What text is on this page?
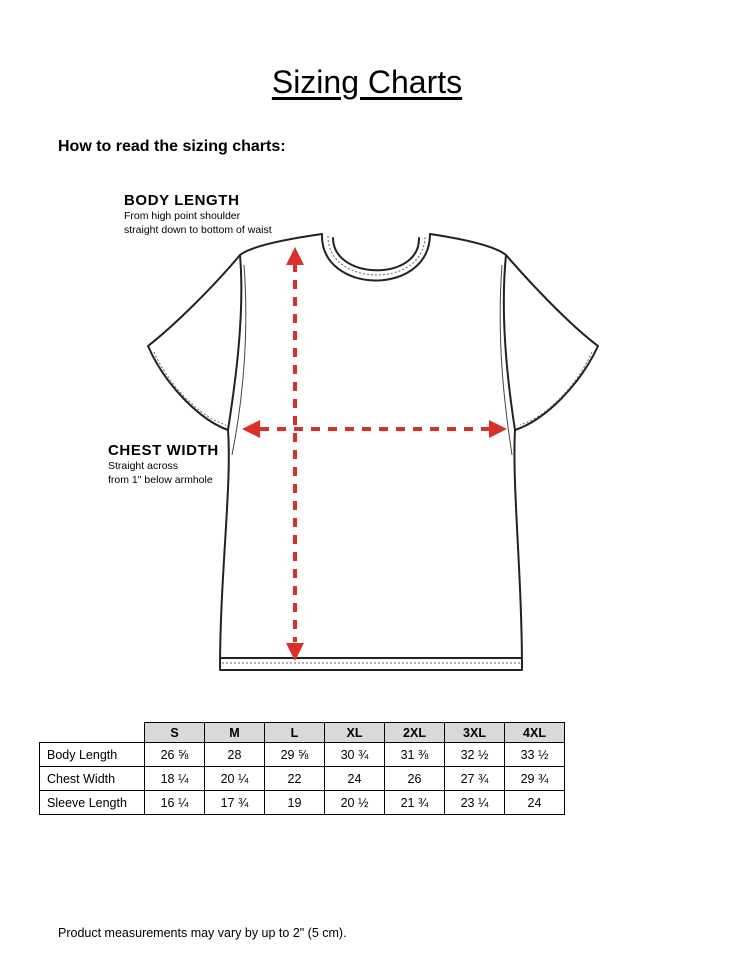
Sizing Charts
How to read the sizing charts:
BODY LENGTH
From high point shoulder
straight down to bottom of waist
CHEST WIDTH
Straight across
from 1" below armhole
	S	M	L	XL	2XL	3XL	4XL
Body Length	26 ⅝	28	29 ⅝	30 ¾	31 ⅜	32 ½	33 ½
Chest Width	18 ¼	20 ¼	22	24	26	27 ¾	29 ¾
Sleeve Length	16 ¼	17 ¾	19	20 ½	21 ¾	23 ¼	24
Product measurements may vary by up to 2" (5 cm).
